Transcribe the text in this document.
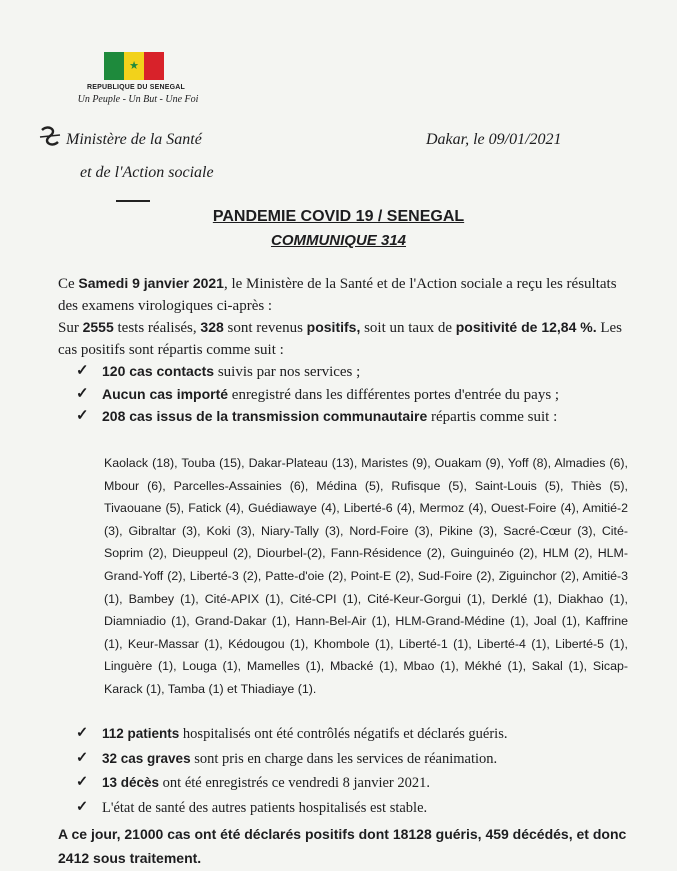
★
REPUBLIQUE DU SENEGAL
Un Peuple - Un But - Une Foi
Ministère de la Santé
et de l'Action sociale
Dakar, le 09/01/2021
PANDEMIE COVID 19 / SENEGAL
COMMUNIQUE 314
Ce Samedi 9 janvier 2021, le Ministère de la Santé et de l'Action sociale a reçu les résultats des examens virologiques ci-après :
Sur 2555 tests réalisés, 328 sont revenus positifs, soit un taux de positivité de 12,84 %. Les cas positifs sont répartis comme suit :
✓ 120 cas contacts suivis par nos services ;
✓ Aucun cas importé enregistré dans les différentes portes d'entrée du pays ;
✓ 208 cas issus de la transmission communautaire répartis comme suit :
Kaolack (18), Touba (15), Dakar-Plateau (13), Maristes (9), Ouakam (9), Yoff (8), Almadies (6), Mbour (6), Parcelles-Assainies (6), Médina (5), Rufisque (5), Saint-Louis (5), Thiès (5), Tivaouane (5), Fatick (4), Guédiawaye (4), Liberté-6 (4), Mermoz (4), Ouest-Foire (4), Amitié-2 (3), Gibraltar (3), Koki (3), Niary-Tally (3), Nord-Foire (3), Pikine (3), Sacré-Cœur (3), Cité-Soprim (2), Dieuppeul (2), Diourbel-(2), Fann-Résidence (2), Guinguinéo (2), HLM (2), HLM-Grand-Yoff (2), Liberté-3 (2), Patte-d'oie (2), Point-E (2), Sud-Foire (2), Ziguinchor (2), Amitié-3 (1), Bambey (1), Cité-APIX (1), Cité-CPI (1), Cité-Keur-Gorgui (1), Derklé (1), Diakhao (1), Diamniadio (1), Grand-Dakar (1), Hann-Bel-Air (1), HLM-Grand-Médine (1), Joal (1), Kaffrine (1), Keur-Massar (1), Kédougou (1), Khombole (1), Liberté-1 (1), Liberté-4 (1), Liberté-5 (1), Linguère (1), Louga (1), Mamelles (1), Mbacké (1), Mbao (1), Mékhé (1), Sakal (1), Sicap-Karack (1), Tamba (1) et Thiadiaye (1).
✓	112 patients hospitalisés ont été contrôlés négatifs et déclarés guéris.
✓	32 cas graves sont pris en charge dans les services de réanimation.
✓	13 décès ont été enregistrés ce vendredi 8 janvier 2021.
✓ L'état de santé des autres patients hospitalisés est stable.
A ce jour, 21000 cas ont été déclarés positifs dont 18128 guéris, 459 décédés, et donc 2412 sous traitement.
